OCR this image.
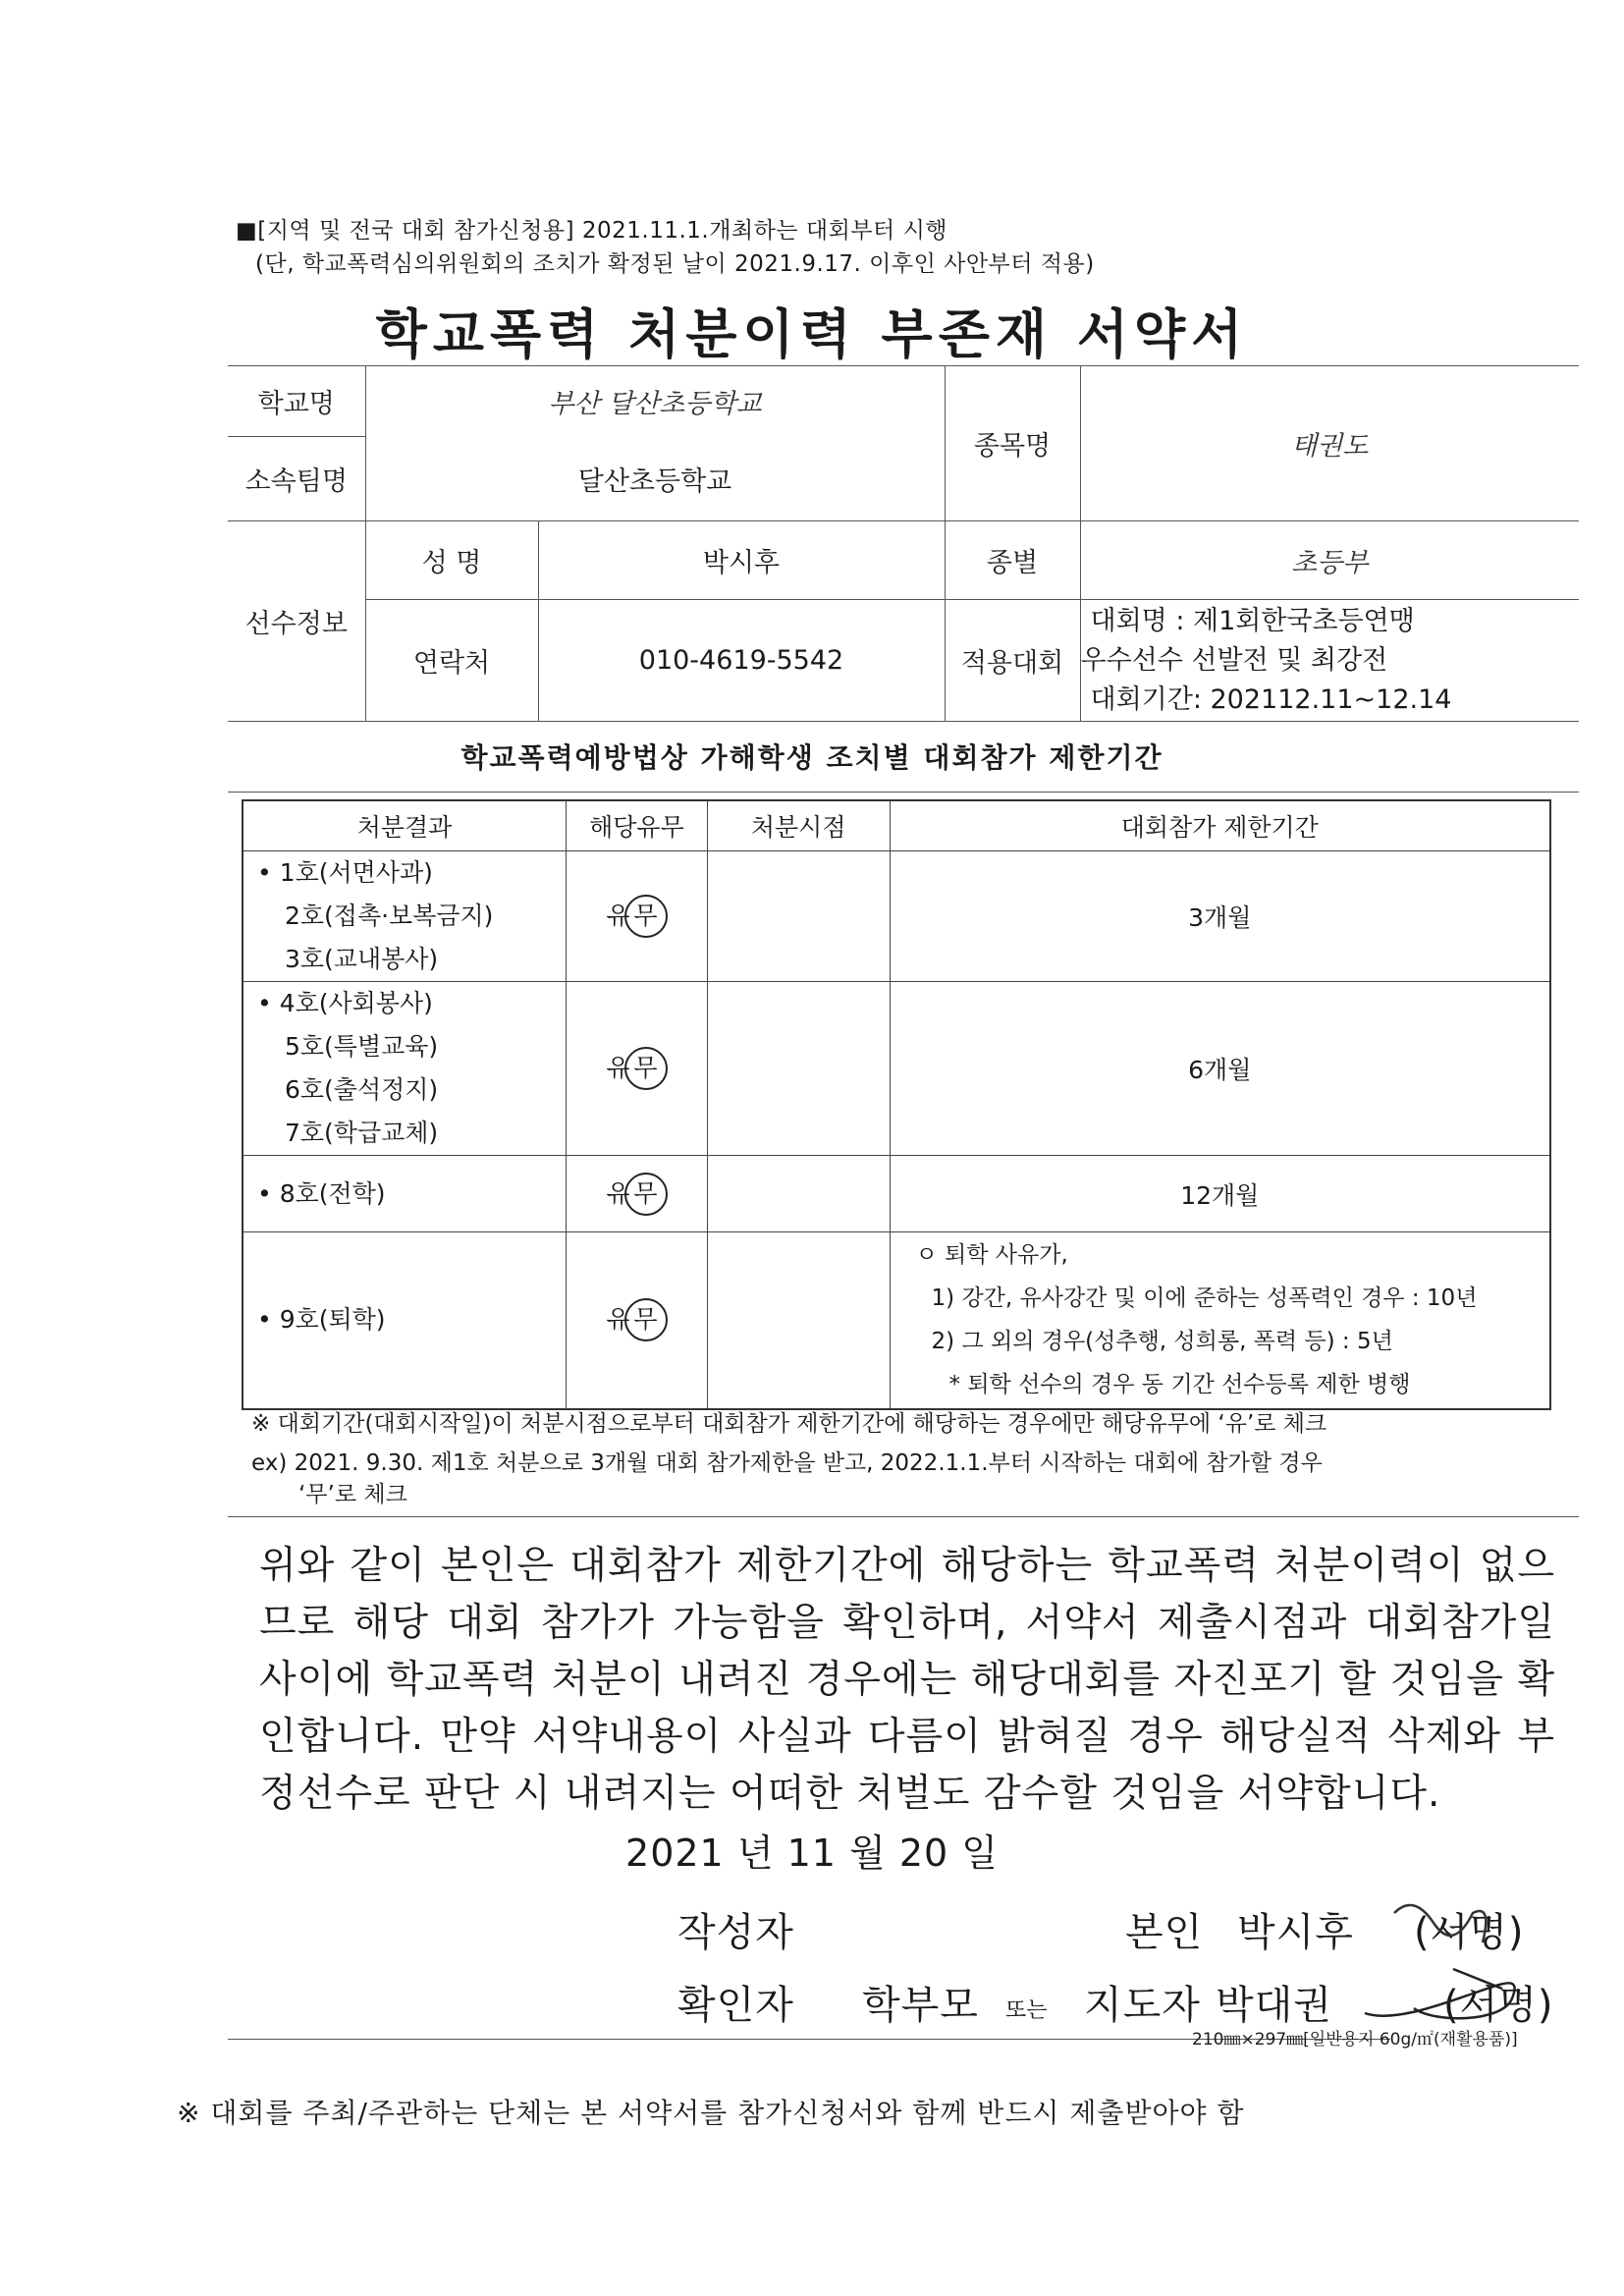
■[지역 및 전국 대회 참가신청용] 2021.11.1.개최하는 대회부터 시행
(단, 학교폭력심의위원회의 조치가 확정된 날이 2021.9.17. 이후인 사안부터 적용)
학교폭력 처분이력 부존재 서약서
학교명	부산 달산초등학교		종목명	태권도
소속팀명	달산초등학교			
선수정보	성 명	박시후	종별	초등부
	연락처	010-4619-5542	적용대회	대회명 : 제1회한국초등연맹
우수선수 선발전 및 최강전
대회기간: 202112.11~12.14
학교폭력예방법상 가해학생 조치별 대회참가 제한기간
처분결과	해당유무	처분시점	대회참가 제한기간

• 1호(서면사과)
2호(접촉·보복금지)
3호(교내봉사)	유 무		3개월

• 4호(사회봉사)
5호(특별교육)
6호(출석정지)
7호(학급교체)	유 무		6개월

• 8호(전학)	유 무		12개월

• 9호(퇴학)	유 무		ㅇ 퇴학 사유가,
1) 강간, 유사강간 및 이에 준하는 성폭력인 경우 : 10년
2) 그 외의 경우(성추행, 성희롱, 폭력 등) : 5년
* 퇴학 선수의 경우 동 기간 선수등록 제한 병행
※ 대회기간(대회시작일)이 처분시점으로부터 대회참가 제한기간에 해당하는 경우에만 해당유무에 ‘유’로 체크
ex) 2021. 9.30. 제1호 처분으로 3개월 대회 참가제한을 받고, 2022.1.1.부터 시작하는 대회에 참가할 경우
‘무’로 체크
위와 같이 본인은 대회참가 제한기간에 해당하는 학교폭력 처분이력이 없으므로 해당 대회 참가가 가능함을 확인하며, 서약서 제출시점과 대회참가일 사이에 학교폭력 처분이 내려진 경우에는 해당대회를 자진포기 할 것임을 확인합니다. 만약 서약내용이 사실과 다름이 밝혀질 경우 해당실적 삭제와 부정선수로 판단 시 내려지는 어떠한 처벌도 감수할 것임을 서약합니다.
2021 년 11 월 20 일
작성자	본인 박시후 (서명)
확인자 학부모 또는 지도자 박대권	(서명)
210㎜×297㎜[일반용지 60g/㎡(재활용품)]
※ 대회를 주최/주관하는 단체는 본 서약서를 참가신청서와 함께 반드시 제출받아야 함
